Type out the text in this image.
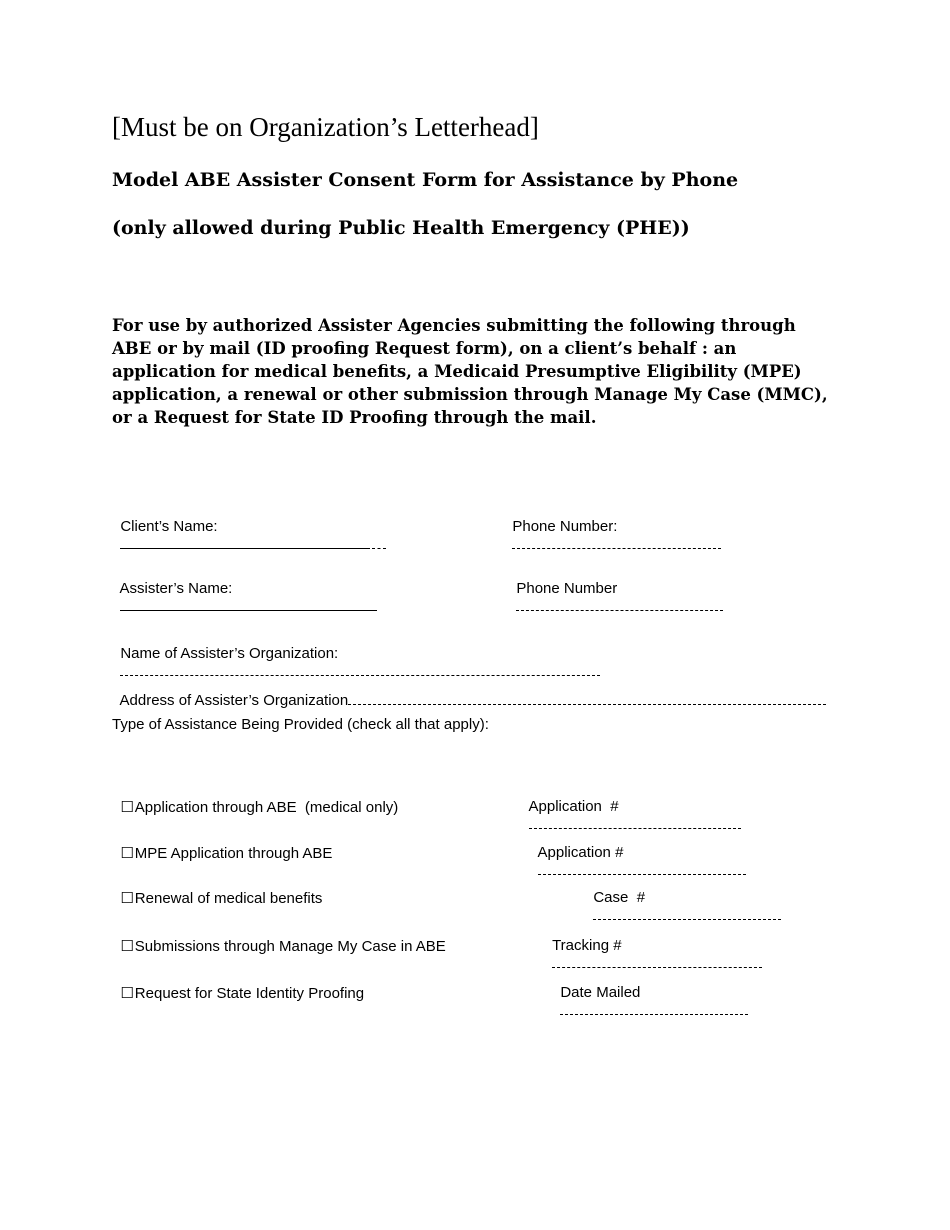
[Must be on Organization’s Letterhead]
Model ABE Assister Consent Form for Assistance by Phone
(only allowed during Public Health Emergency (PHE))
For use by authorized Assister Agencies submitting the following through ABE or by mail (ID proofing Request form), on a client’s behalf : an application for medical benefits, a Medicaid Presumptive Eligibility (MPE) application, a renewal or other submission through Manage My Case (MMC), or a Request for State ID Proofing through the mail.

Client’s Name:
	Phone Number:

Assister’s Name:
	Phone Number

Name of Assister’s Organization:

Address of Assister’s Organization

Type of Assistance Being Provided (check all that apply):

☐Application through ABE  (medical only)	Application  #

☐MPE Application through ABE	Application #

☐Renewal of medical benefits	Case  #

☐Submissions through Manage My Case in ABE	Tracking #

☐Request for State Identity Proofing	Date Mailed
